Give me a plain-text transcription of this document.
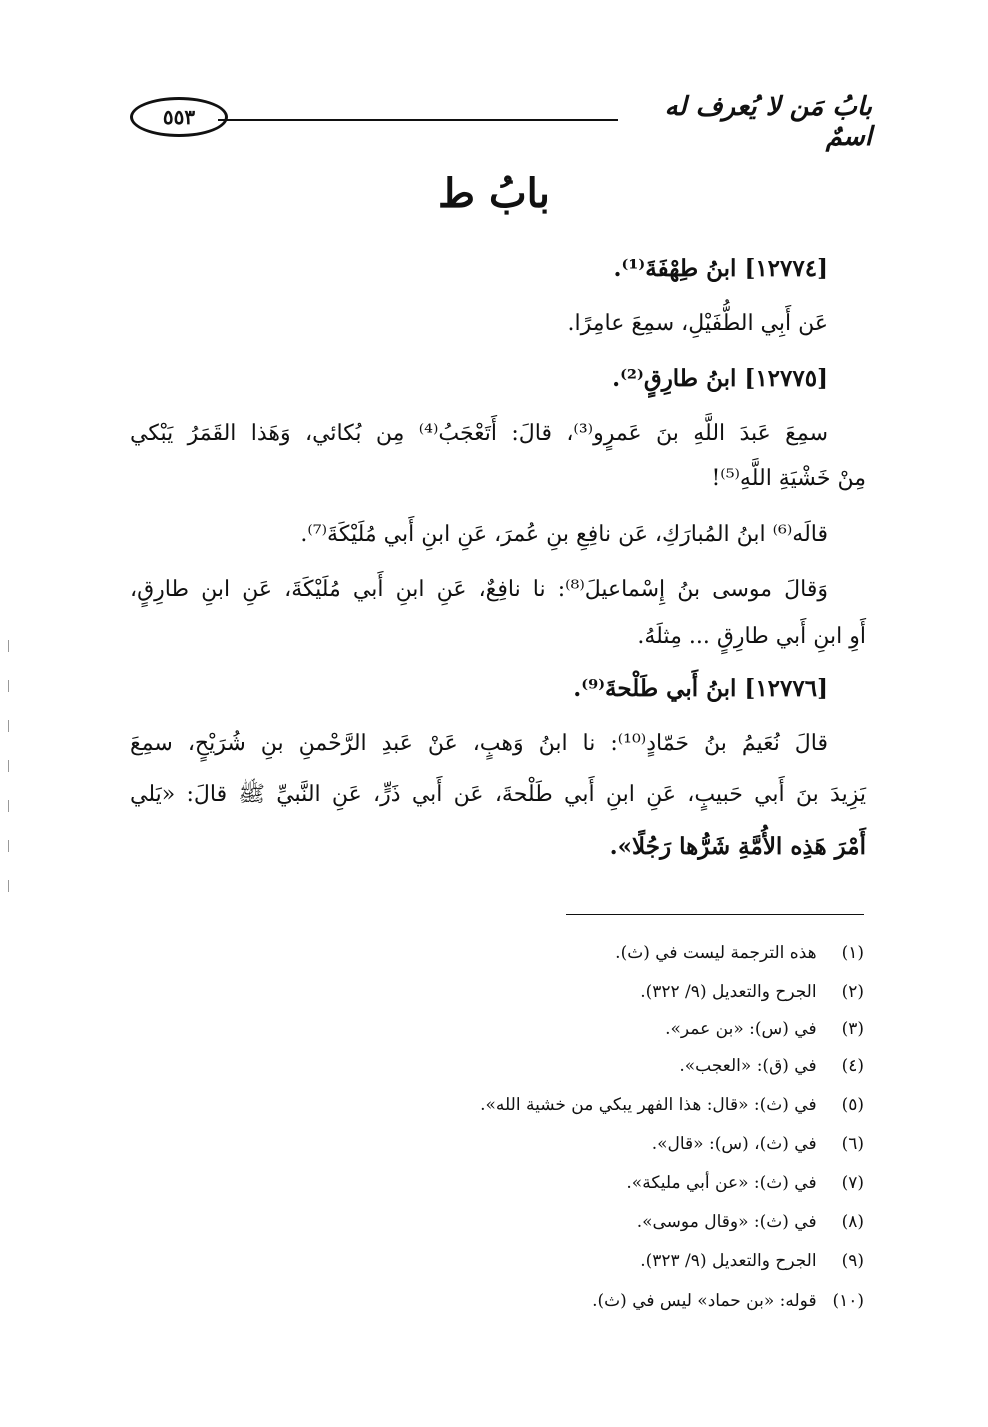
بابُ مَن لا يُعرف له اسمٌ
٥٥٣
بابُ ط
[١٢٧٧٤] ابنُ طِهْفَةَ⁽¹⁾.
عَن أَبِي الطُّفَيْلِ، سمِعَ عامِرًا.
[١٢٧٧٥] ابنُ طارِقٍ⁽²⁾.
سمِعَ عَبدَ اللَّهِ بنَ عَمرٍو⁽³⁾، قالَ: أَتَعْجَبُ⁽⁴⁾ مِن بُكائي، وَهَذا القَمَرُ يَبْكي
مِنْ خَشْيَةِ اللَّهِ⁽⁵⁾!
قالَه⁽⁶⁾ ابنُ المُبارَكِ، عَن نافِعِ بنِ عُمرَ، عَنِ ابنِ أَبي مُلَيْكَةَ⁽⁷⁾.
وَقالَ موسى بنُ إِسْماعيلَ⁽⁸⁾: نا نافِعٌ، عَنِ ابنِ أَبي مُلَيْكَةَ، عَنِ ابنِ طارِقٍ،
أَوِ ابنِ أَبي طارِقٍ ... مِثلَهُ.
[١٢٧٧٦] ابنُ أَبي طَلْحةَ⁽⁹⁾.
قالَ نُعَيمُ بنُ حَمّادٍ⁽¹⁰⁾: نا ابنُ وَهبٍ، عَنْ عَبدِ الرَّحْمنِ بنِ شُرَيْحٍ، سمِعَ
يَزِيدَ بنَ أَبي حَبيبٍ، عَنِ ابنِ أَبي طَلْحةَ، عَن أَبي ذَرٍّ، عَنِ النَّبيِّ ﷺ قالَ: «يَلي
أَمْرَ هَذِه الأُمَّةِ شَرُّها رَجُلًا».
(١) هذه الترجمة ليست في (ث).
(٢) الجرح والتعديل (٩/ ٣٢٢).
(٣) في (س): «بن عمر».
(٤) في (ق): «العجب».
(٥) في (ث): «قال: هذا الفهر يبكي من خشية الله».
(٦) في (ث)، (س): «قال».
(٧) في (ث): «عن أبي مليكة».
(٨) في (ث): «وقال موسى».
(٩) الجرح والتعديل (٩/ ٣٢٣).
(١٠) قوله: «بن حماد» ليس في (ث).
